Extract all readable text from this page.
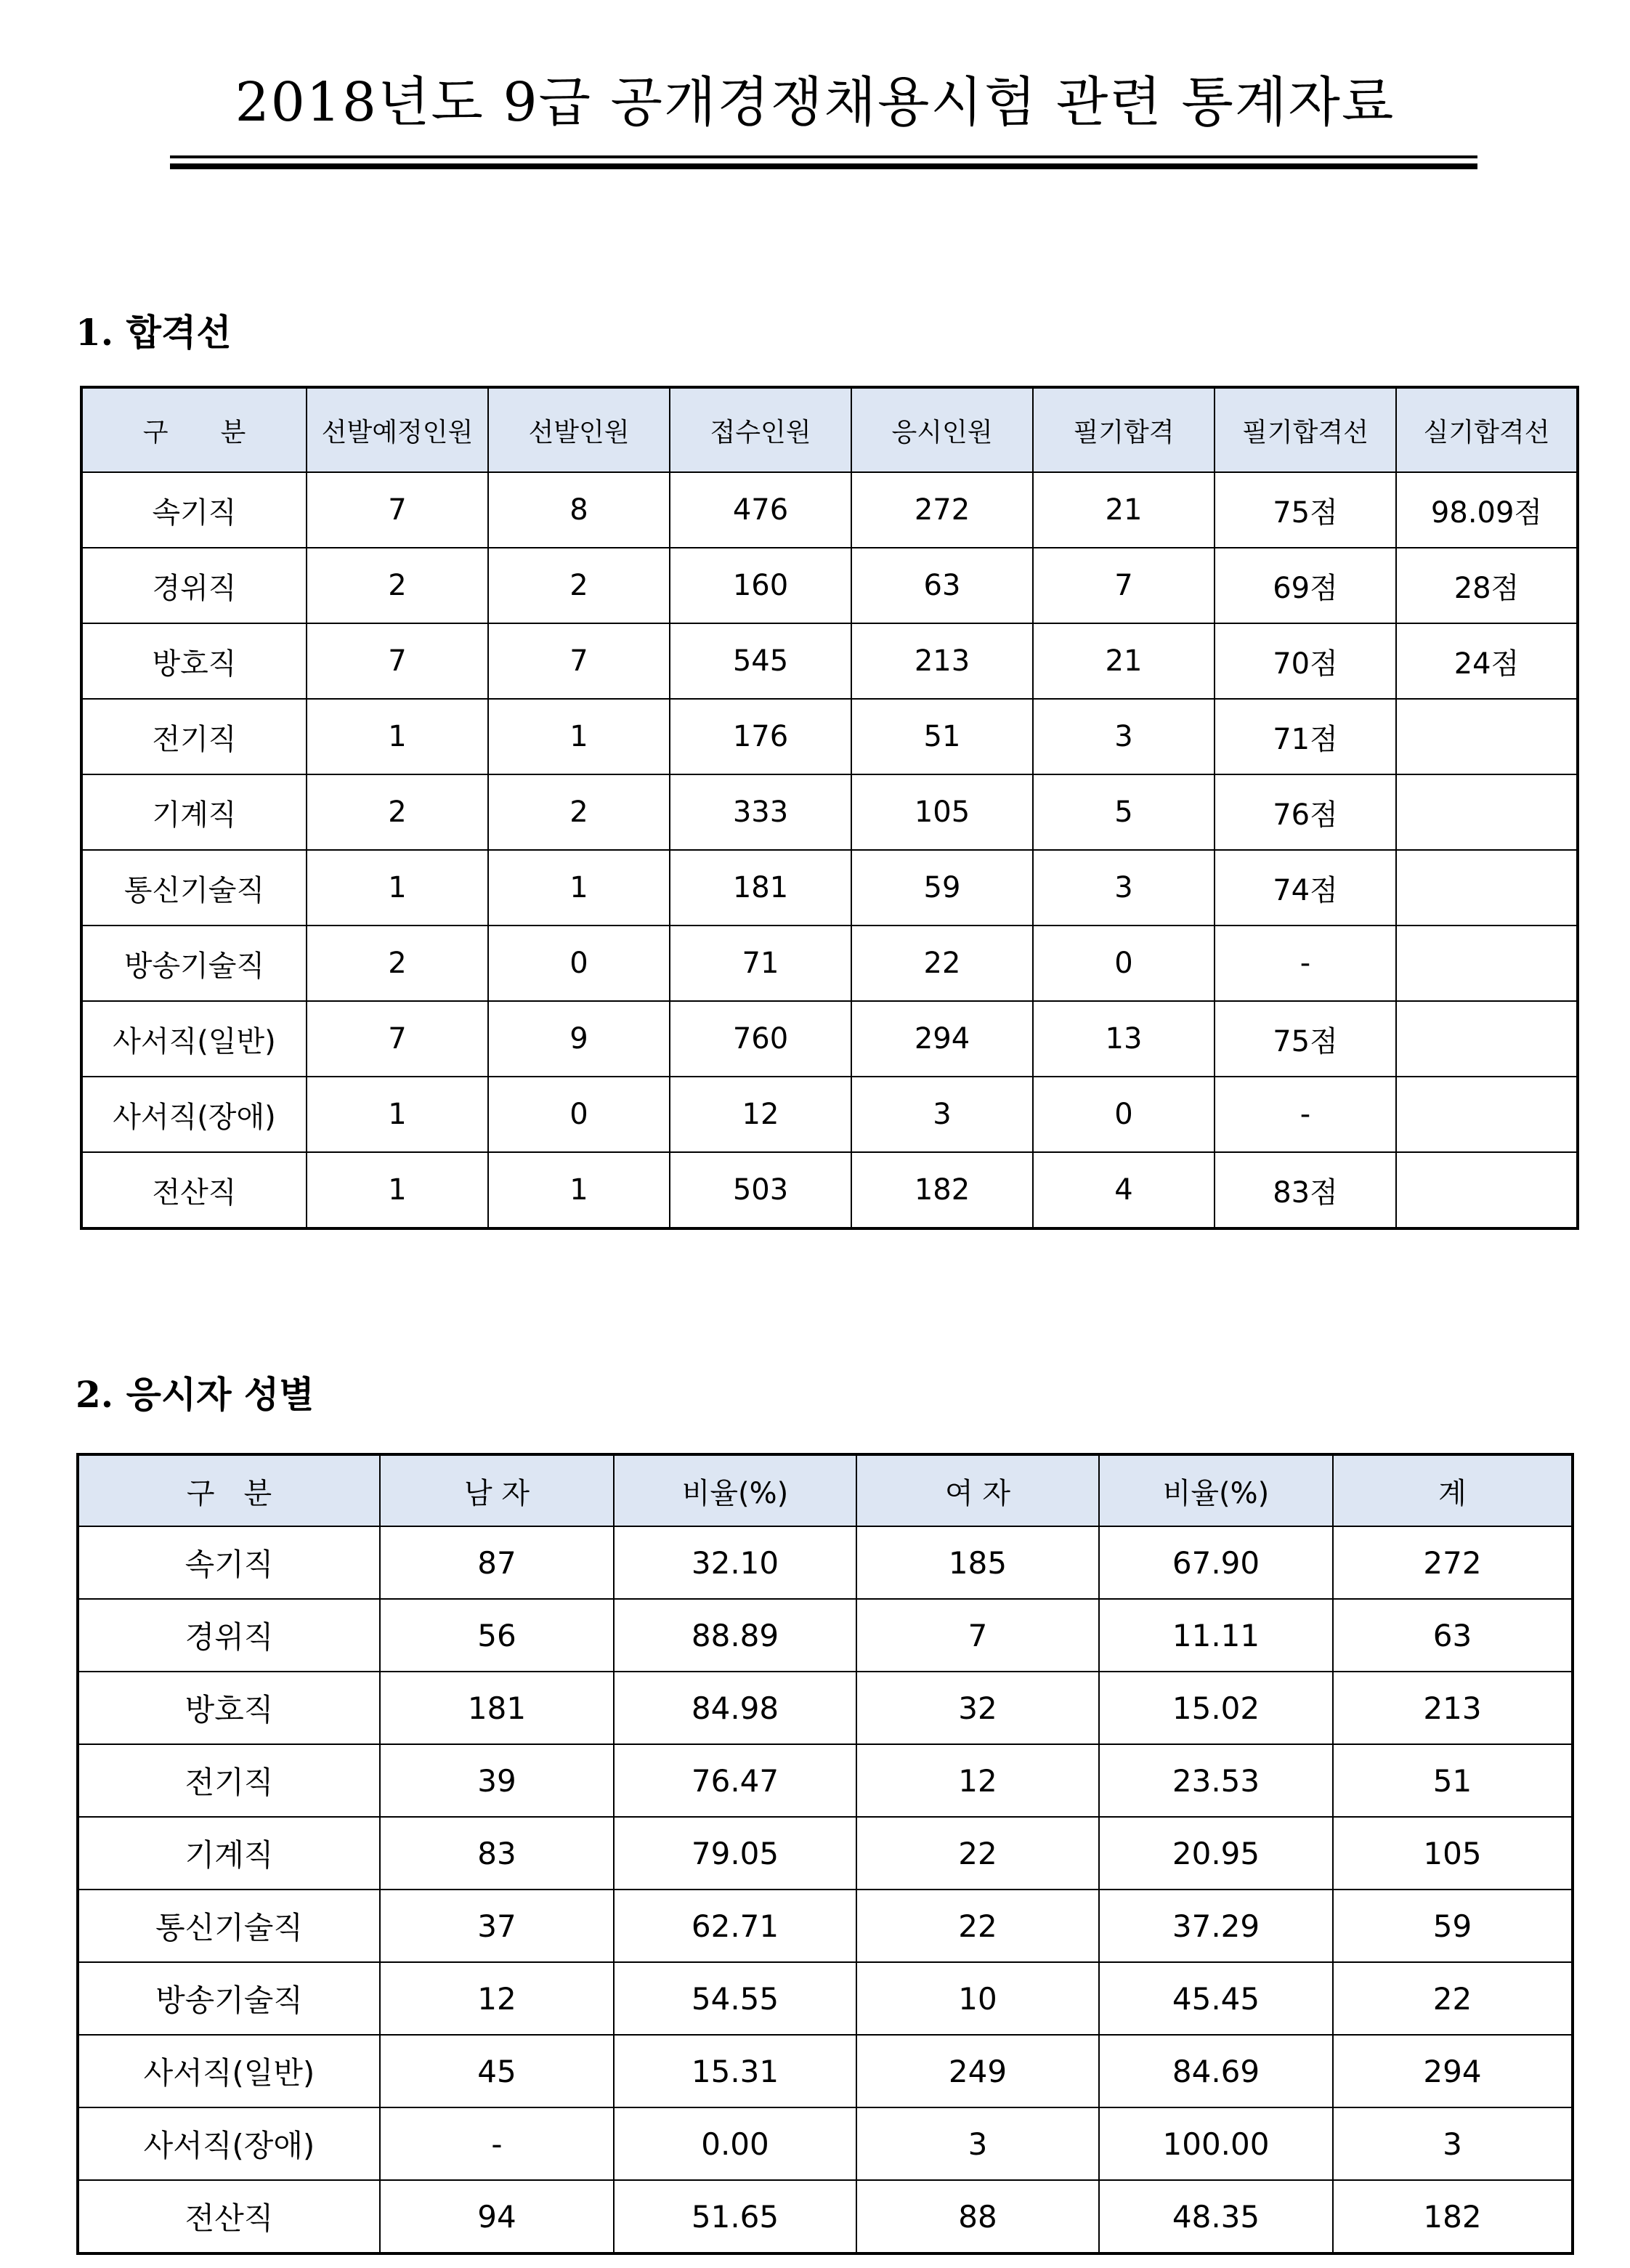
2018년도 9급 공개경쟁채용시험 관련 통계자료
1. 합격선
구　　분	선발예정인원	선발인원	접수인원	응시인원	필기합격	필기합격선	실기합격선
속기직	7	8	476	272	21	75점	98.09점
경위직	2	2	160	63	7	69점	28점
방호직	7	7	545	213	21	70점	24점
전기직	1	1	176	51	3	71점	
기계직	2	2	333	105	5	76점	
통신기술직	1	1	181	59	3	74점	
방송기술직	2	0	71	22	0	-	
사서직(일반)	7	9	760	294	13	75점	
사서직(장애)	1	0	12	3	0	-	
전산직	1	1	503	182	4	83점	
2. 응시자 성별
구　분	남 자	비율(%)	여 자	비율(%)	계
속기직	87	32.10	185	67.90	272
경위직	56	88.89	7	11.11	63
방호직	181	84.98	32	15.02	213
전기직	39	76.47	12	23.53	51
기계직	83	79.05	22	20.95	105
통신기술직	37	62.71	22	37.29	59
방송기술직	12	54.55	10	45.45	22
사서직(일반)	45	15.31	249	84.69	294
사서직(장애)	-	0.00	3	100.00	3
전산직	94	51.65	88	48.35	182
